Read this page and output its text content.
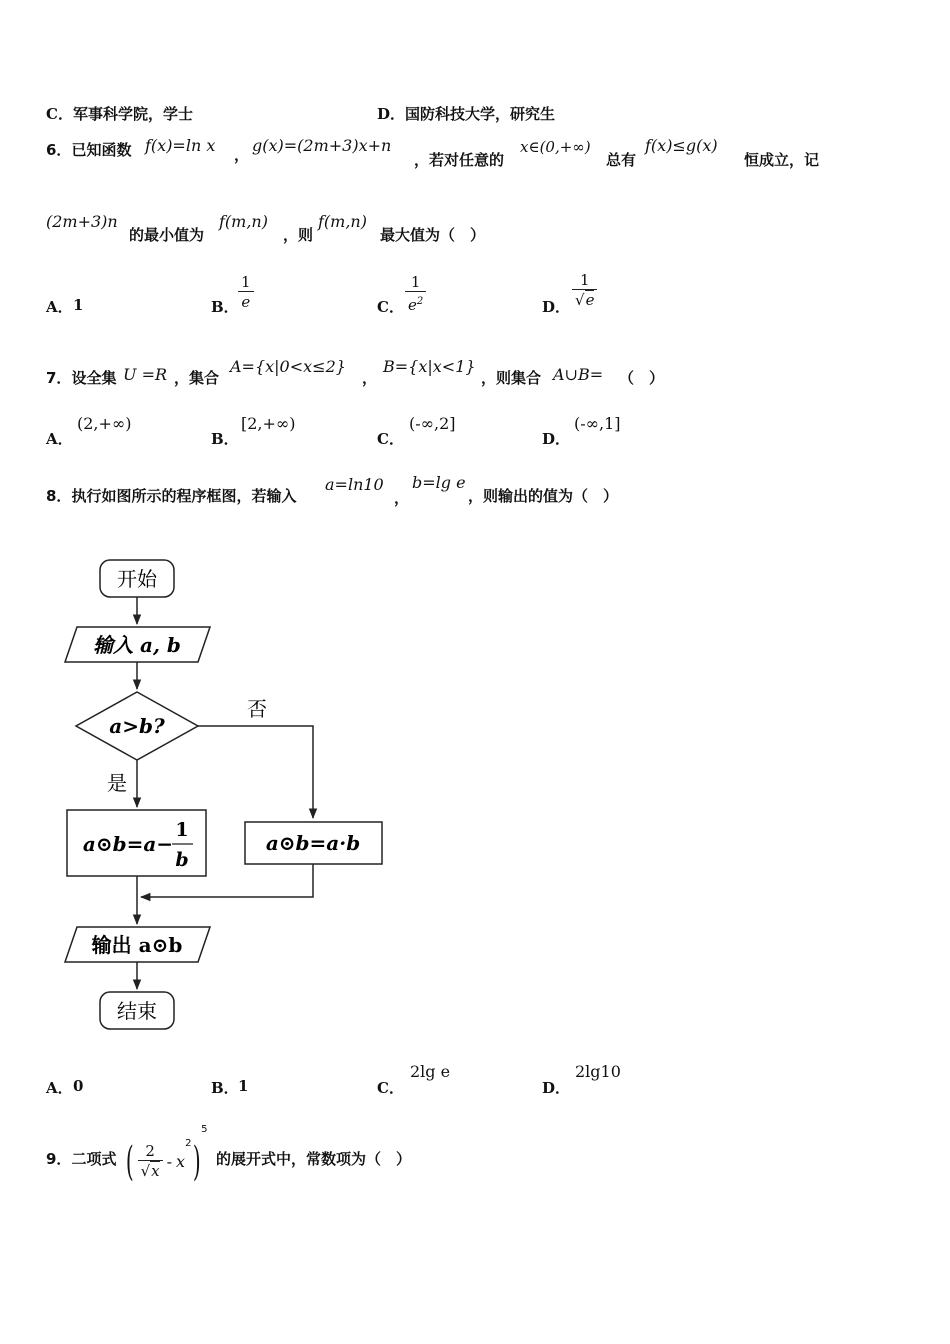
C． 军事科学院，学士	D． 国防科技大学，研究生
6．已知函数 f(x)=ln x ， g(x)=(2m+3)x+n
，若对任意的
x∈(0,+∞)
总有
f(x)≤g(x)
恒成立，记
(2m+3)n
的最小值为
f(m,n)
，则
f(m,n)
最大值为（　）
A． 1	B． $\frac{1}{e}$	C． $\frac{1}{e^2}$	D． $\frac{1}{√e}$
7．设全集 U =R ，集合
A={x|0<x≤2}
，
B={x|x<1}
，则集合 A∪B= （　）
A．
(2,+∞)
B．
[2,+∞)
C．
(-∞,2]
D．
(-∞,1]
8．执行如图所示的程序框图，若输入
a=ln10
，
b=lg e
，则输出的值为（　）
开始
输入 a, b
a>b?
否
是
a⊙b=a−
1
b
a⊙b=a·b
输出 a⊙b
结束
A． 0	B． 1	C．
2lg e
D．
2lg10
9．二项式 ( $\frac{2}{√x} - x^2)^5$
的展开式中，常数项为（　）
